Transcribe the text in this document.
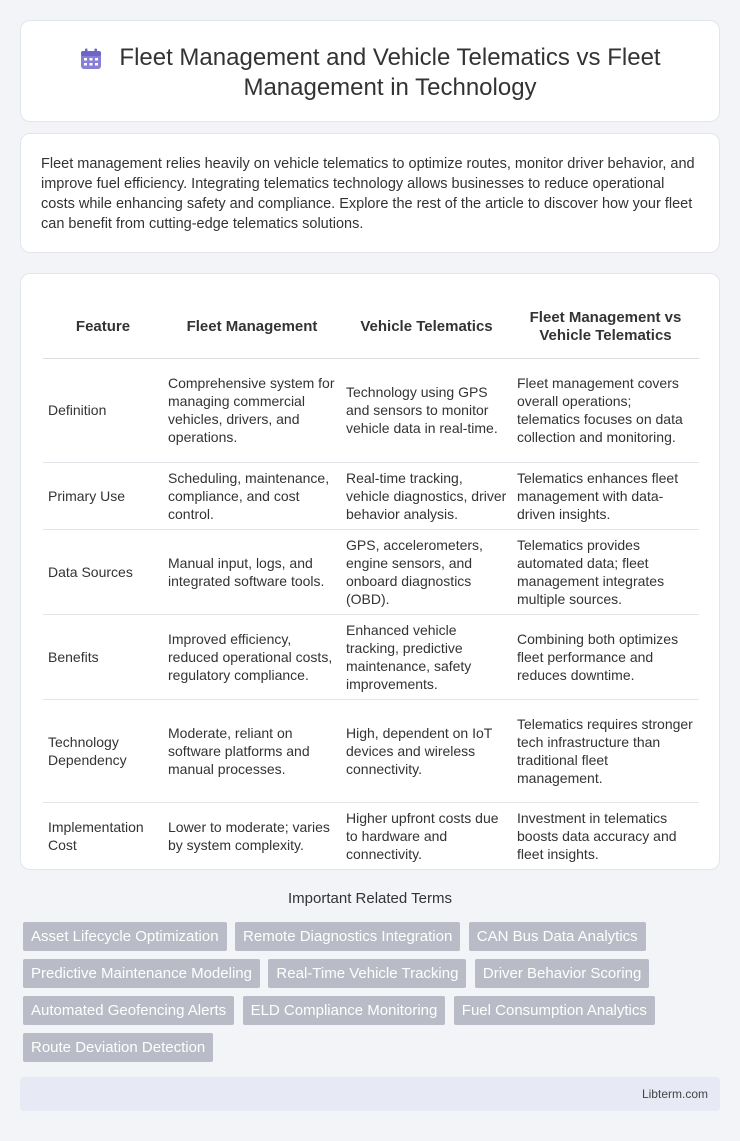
Fleet Management and Vehicle Telematics vs Fleet Management in Technology

Fleet management relies heavily on vehicle telematics to optimize routes, monitor driver behavior, and improve fuel efficiency. Integrating telematics technology allows businesses to reduce operational costs while enhancing safety and compliance. Explore the rest of the article to discover how your fleet can benefit from cutting-edge telematics solutions.

Feature	Fleet Management	Vehicle Telematics	Fleet Management vs Vehicle Telematics
Definition	Comprehensive system for managing commercial vehicles, drivers, and operations.	Technology using GPS and sensors to monitor vehicle data in real-time.	Fleet management covers overall operations; telematics focuses on data collection and monitoring.
Primary Use	Scheduling, maintenance, compliance, and cost control.	Real-time tracking, vehicle diagnostics, driver behavior analysis.	Telematics enhances fleet management with data-driven insights.
Data Sources	Manual input, logs, and integrated software tools.	GPS, accelerometers, engine sensors, and onboard diagnostics (OBD).	Telematics provides automated data; fleet management integrates multiple sources.
Benefits	Improved efficiency, reduced operational costs, regulatory compliance.	Enhanced vehicle tracking, predictive maintenance, safety improvements.	Combining both optimizes fleet performance and reduces downtime.
Technology Dependency	Moderate, reliant on software platforms and manual processes.	High, dependent on IoT devices and wireless connectivity.	Telematics requires stronger tech infrastructure than traditional fleet management.
Implementation Cost	Lower to moderate; varies by system complexity.	Higher upfront costs due to hardware and connectivity.	Investment in telematics boosts data accuracy and fleet insights.
Important Related Terms
Asset Lifecycle Optimization Remote Diagnostics Integration CAN Bus Data Analytics Predictive Maintenance Modeling Real-Time Vehicle Tracking Driver Behavior Scoring Automated Geofencing Alerts ELD Compliance Monitoring Fuel Consumption Analytics Route Deviation Detection
Libterm.com
